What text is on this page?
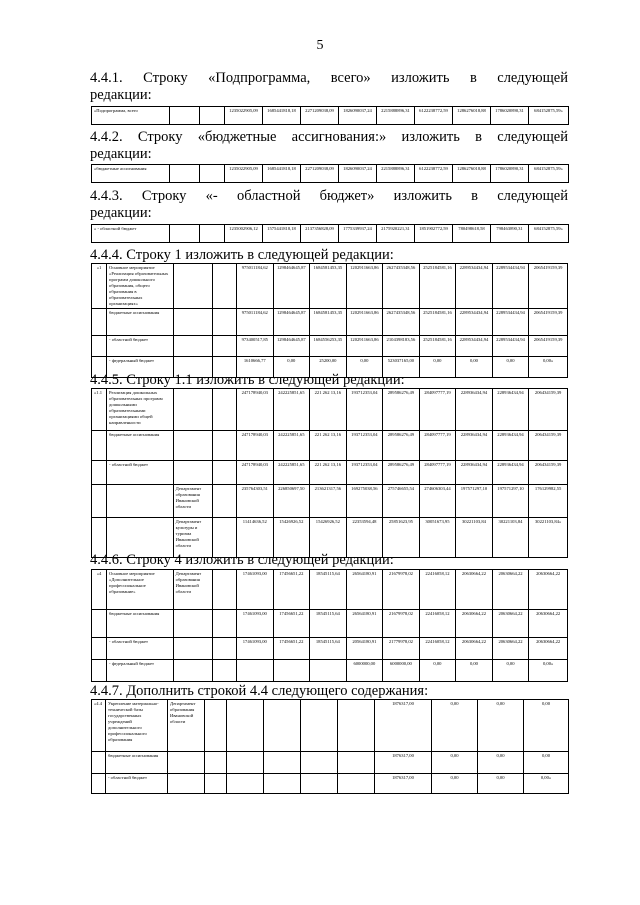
5
4.4.1. Строку «Подпрограмма, всего» изложить в следующей
редакции:
«Подпрограмма, всего			1235022905,09	1685441818,18	2271209038,09	1826090037,24	2215888896,31	6122238772,59	1286276018,88	1786020890,31	684152875,59»
4.4.2. Строку «бюджетные ассигнования:» изложить в следующей
редакции:
«бюджетные ассигнования			1235022905,09	1685441818,18	2271209038,09	1826090037,24	2215888896,31	6122238772,59	1286276018,88	1786020890,31	684152875,59»
4.4.3. Строку «- областной бюджет» изложить в следующей
редакции:
« - областной бюджет			1235002906,12	1575441818,18	2137356828,09	1775339937,24	2175920221,31	1851902772,59	780498618,58	798463890,31	684152875,59»
4.4.4. Строку 1 изложить в следующей редакции:
«1	Основное мероприятие «Реализация образовательных программ дошкольного образования, общего образования в образовательных организациях»			975011184,62	1298464645,87	1684581453,35	1202911663,86	2627435348,56	2525184581,16	2289534434,94	2289534434,94	2065419159,39
	бюджетные ассигнования			975011184,62	1298464645,87	1684581453,35	1202911663,86	2627435348,56	2525184581,16	2289534434,94	2289534434,94	2065419159,39
	- областной бюджет			973400517,85	1298464645,87	1684556253,35	1202911663,86	2104398183,56	2525184581,16	2289534434,94	2289534434,94	2065419159,39
	- федеральный бюджет			1610666,77	0,00	25200,00	0,00	523037165,00	0,00	0,00	0,00	0,00»
4.4.5. Строку 1.1 изложить в следующей редакции:
«1.1	Реализация дошкольных образовательных программ дошкольными образовательными организациями общей направленности			247178940,03	242225851,65	221 262 13,16	193712353,04	289586276,49	284097777,19	228936434,94	228936434,94	206434159,39
	бюджетные ассигнования			247178940,03	242225851,65	221 262 13,16	193712353,04	289586276,49	284097777,19	228936434,94	228936434,94	206434159,39
	- областной бюджет			247178940,03	242225851,65	221 262 13,16	193712353,04	289586276,49	284097777,19	228936434,94	228936434,94	206434159,39
		Департамент образования Ивановской области		235764303,51	226850697,50	213621317,56	169275038,56	275746655,54	274606303,44	197571297,10	197571297,10	176129982,55
		Департамент культуры и туризма Ивановской области		11414636,52	15426926,52	15426926,52	22353594,48	25851623,95	30051673,95	30221103,84	30221103,84	30221103,84»
4.4.6. Строку 4 изложить в следующей редакции:
«4	Основное мероприятие «Дополнительное профессиональное образование»	Департамент образования Ивановской области		17461093,00	17456651,22	18545115,64	26564180,91	21679978,02	22416058,12	20630664,22	20630664,22	20630664,22
	бюджетные ассигнования			17461093,00	17456651,22	18545115,64	26564180,91	21679978,02	22416058,12	20630664,22	20630664,22	20630664,22
	- областной бюджет			17461093,00	17456651,22	18545115,64	20564180,91	21779978,02	22416058,12	20630664,22	20630664,22	20630664,22
	- федеральный бюджет						6000000,00	6000000,00	0,00	0,00	0,00	0,00»
4.4.7. Дополнить строкой 4.4 следующего содержания:
«4.4	Укрепление материально-технической базы государственных учреждений дополнительного профессионального образования	Департамент образования Ивановской области						1876317,00	0,00	0,00	0,00
	бюджетные ассигнования							1876317,00	0,00	0,00	0,00
	- областной бюджет							1876317,00	0,00	0,00	0,00»
